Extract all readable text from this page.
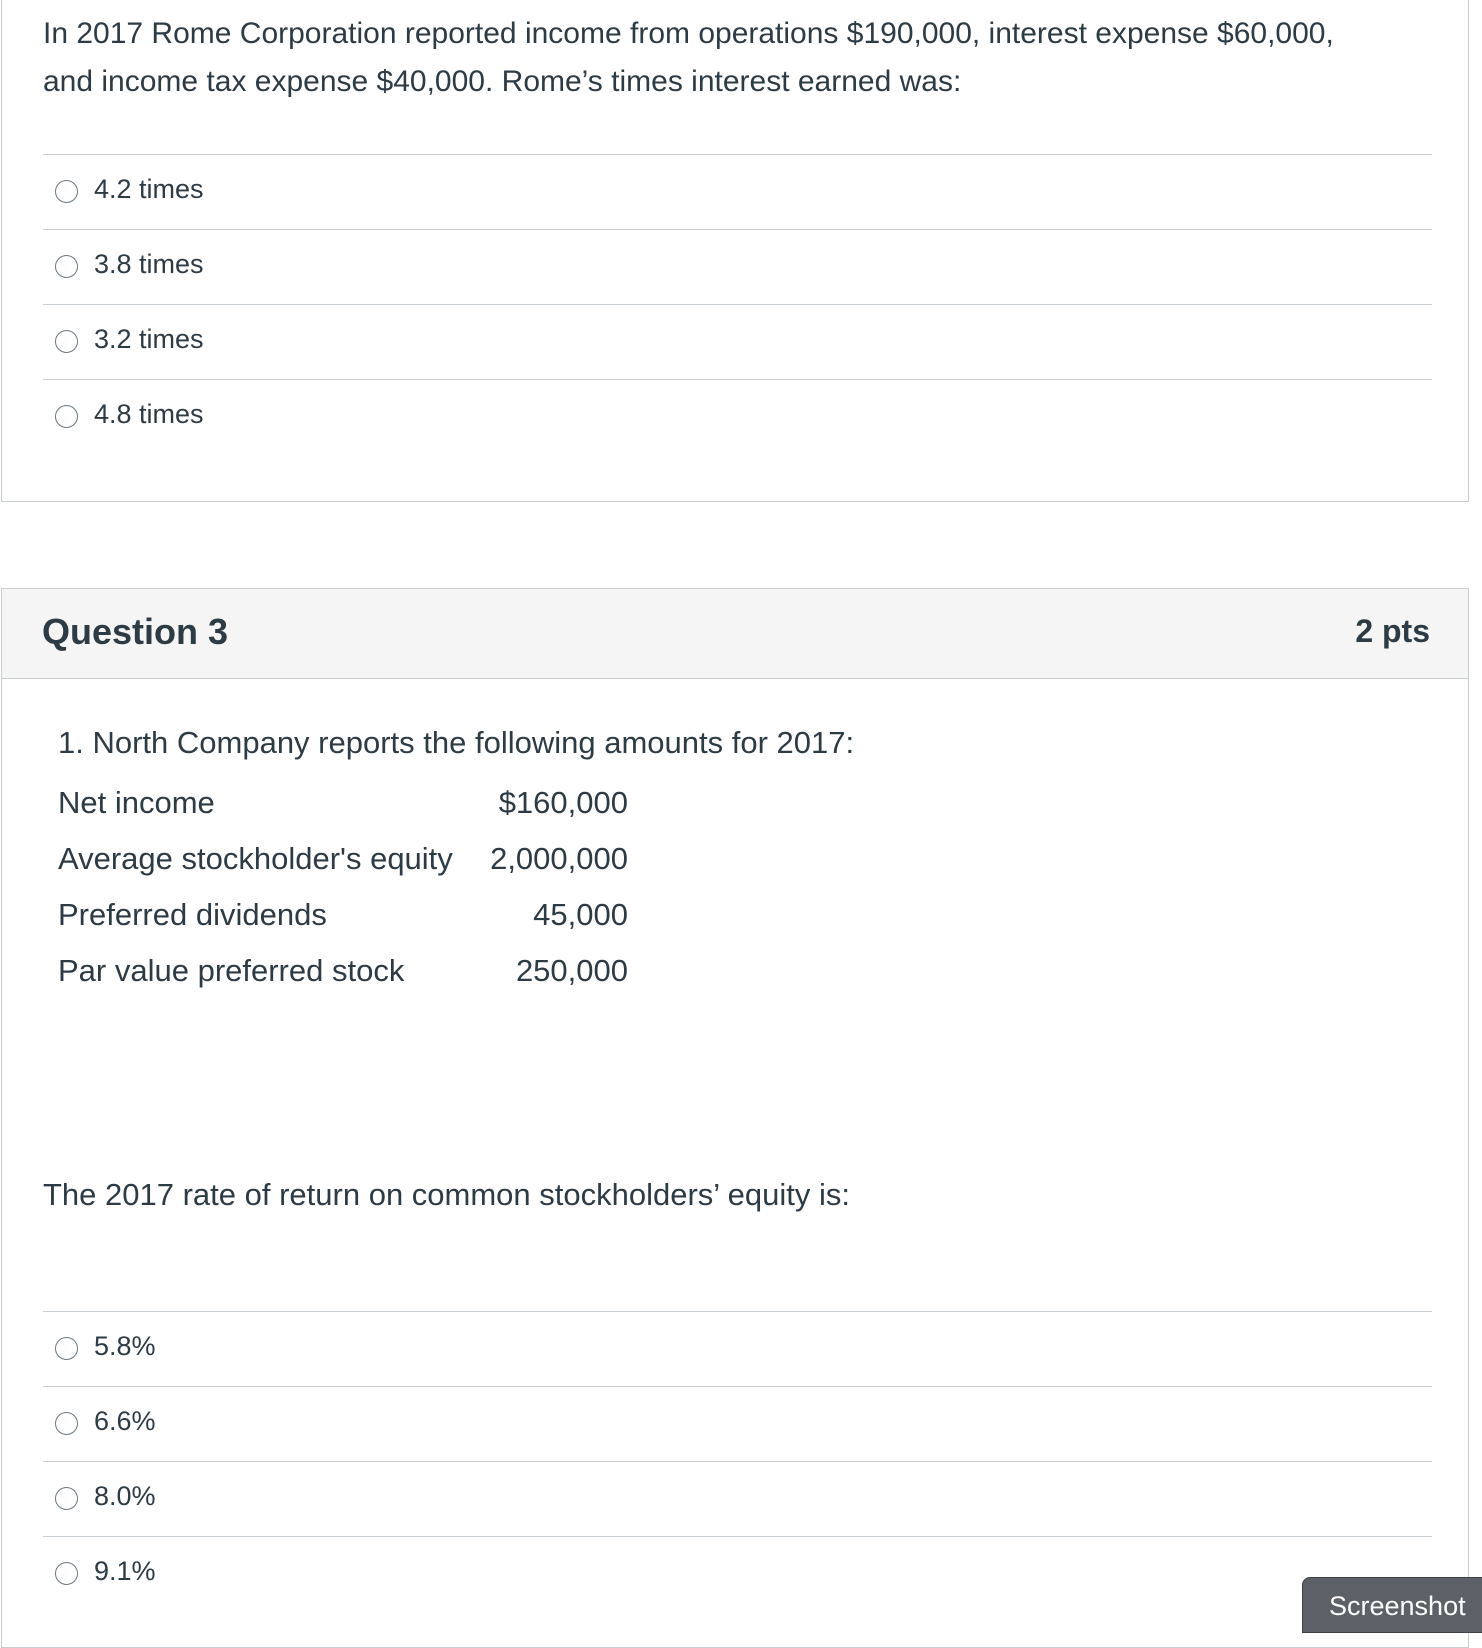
In 2017 Rome Corporation reported income from operations $190,000, interest expense $60,000,
and income tax expense $40,000. Rome’s times interest earned was:
4.2 times
3.8 times
3.2 times
4.8 times
Question 3	2 pts
1. North Company reports the following amounts for 2017:
Net income	$160,000
Average stockholder's equity 2,000,000
Preferred dividends	45,000
Par value preferred stock	250,000
The 2017 rate of return on common stockholders’ equity is:
5.8%
6.6%
8.0%
9.1%
Screenshot
